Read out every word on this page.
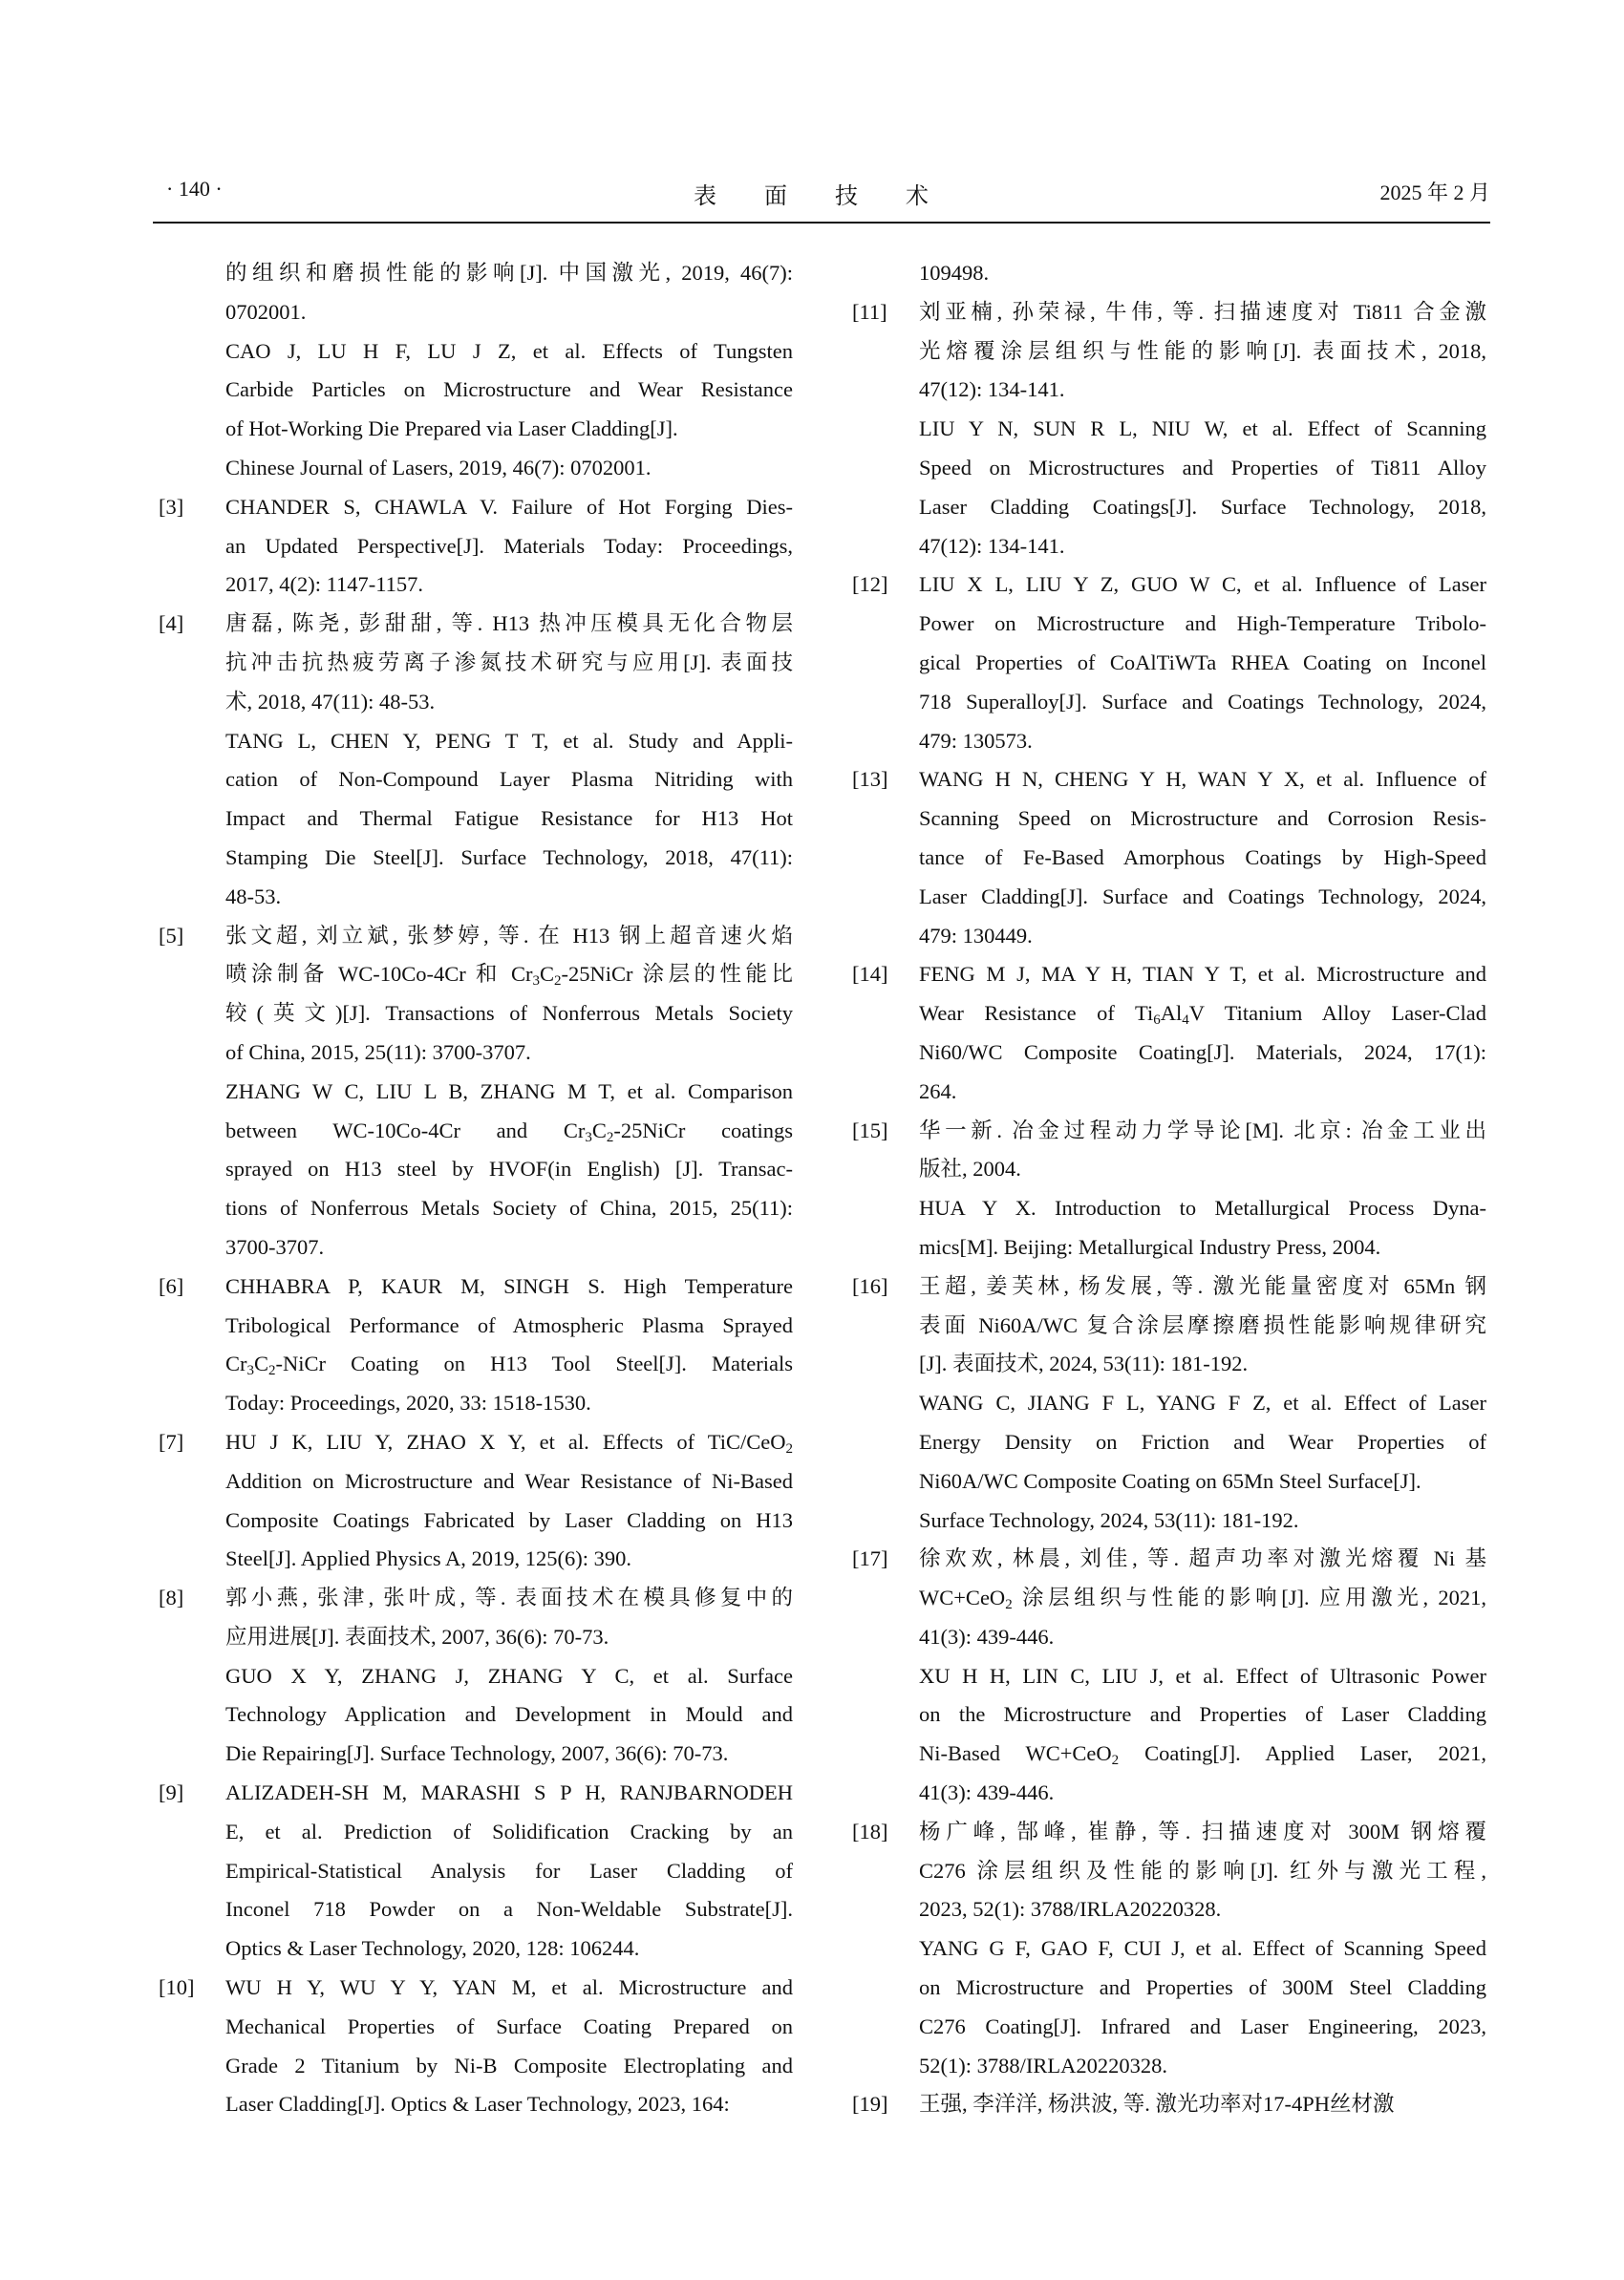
· 140 ·	表 面 技 术	2025 年 2 月
的组织和磨损性能的影响[J]. 中国激光, 2019, 46(7):
0702001.
CAO J, LU H F, LU J Z, et al. Effects of Tungsten
Carbide Particles on Microstructure and Wear Resistance
of Hot-Working Die Prepared via Laser Cladding[J].
Chinese Journal of Lasers, 2019, 46(7): 0702001.
[3] CHANDER S, CHAWLA V. Failure of Hot Forging Dies-
an Updated Perspective[J]. Materials Today: Proceedings,
2017, 4(2): 1147-1157.
[4] 唐磊, 陈尧, 彭甜甜, 等. H13 热冲压模具无化合物层
抗冲击抗热疲劳离子渗氮技术研究与应用[J]. 表面技
术, 2018, 47(11): 48-53.
TANG L, CHEN Y, PENG T T, et al. Study and Appli-
cation of Non-Compound Layer Plasma Nitriding with
Impact and Thermal Fatigue Resistance for H13 Hot
Stamping Die Steel[J]. Surface Technology, 2018, 47(11):
48-53.
[5] 张文超, 刘立斌, 张梦婷, 等. 在 H13 钢上超音速火焰
喷涂制备 WC-10Co-4Cr 和 $Cr_3C_2-25NiCr$ 涂层的性能比
较(英文)[J]. Transactions of Nonferrous Metals Society
of China, 2015, 25(11): 3700-3707.
ZHANG W C, LIU L B, ZHANG M T, et al. Comparison
between WC-10Co-4Cr and $Cr_3C_2-25NiCr$ coatings
sprayed on H13 steel by HVOF(in English) [J]. Transac-
tions of Nonferrous Metals Society of China, 2015, 25(11):
3700-3707.
[6] CHHABRA P, KAUR M, SINGH S. High Temperature
Tribological Performance of Atmospheric Plasma Sprayed
$Cr_3C_2$-NiCr Coating on H13 Tool Steel[J]. Materials
Today: Proceedings, 2020, 33: 1518-1530.
[7] HU J K, LIU Y, ZHAO X Y, et al. Effects of TiC/CeO$_2$
Addition on Microstructure and Wear Resistance of Ni-Based
Composite Coatings Fabricated by Laser Cladding on H13
Steel[J]. Applied Physics A, 2019, 125(6): 390.
[8] 郭小燕, 张津, 张叶成, 等. 表面技术在模具修复中的
应用进展[J]. 表面技术, 2007, 36(6): 70-73.
GUO X Y, ZHANG J, ZHANG Y C, et al. Surface
Technology Application and Development in Mould and
Die Repairing[J]. Surface Technology, 2007, 36(6): 70-73.
[9] ALIZADEH-SH M, MARASHI S P H, RANJBARNODEH
E, et al. Prediction of Solidification Cracking by an
Empirical-Statistical Analysis for Laser Cladding of
Inconel 718 Powder on a Non-Weldable Substrate[J].
Optics & Laser Technology, 2020, 128: 106244.
[10] WU H Y, WU Y Y, YAN M, et al. Microstructure and
Mechanical Properties of Surface Coating Prepared on
Grade 2 Titanium by Ni-B Composite Electroplating and
Laser Cladding[J]. Optics & Laser Technology, 2023, 164:
109498.
[11] 刘亚楠, 孙荣禄, 牛伟, 等. 扫描速度对 Ti811 合金激
光熔覆涂层组织与性能的影响[J]. 表面技术, 2018,
47(12): 134-141.
LIU Y N, SUN R L, NIU W, et al. Effect of Scanning
Speed on Microstructures and Properties of Ti811 Alloy
Laser Cladding Coatings[J]. Surface Technology, 2018,
47(12): 134-141.
[12] LIU X L, LIU Y Z, GUO W C, et al. Influence of Laser
Power on Microstructure and High-Temperature Tribolo-
gical Properties of CoAlTiWTa RHEA Coating on Inconel
718 Superalloy[J]. Surface and Coatings Technology, 2024,
479: 130573.
[13] WANG H N, CHENG Y H, WAN Y X, et al. Influence of
Scanning Speed on Microstructure and Corrosion Resis-
tance of Fe-Based Amorphous Coatings by High-Speed
Laser Cladding[J]. Surface and Coatings Technology, 2024,
479: 130449.
[14] FENG M J, MA Y H, TIAN Y T, et al. Microstructure and
Wear Resistance of $Ti_6Al_4V$ Titanium Alloy Laser-Clad
Ni60/WC Composite Coating[J]. Materials, 2024, 17(1):
264.
[15] 华一新. 冶金过程动力学导论[M]. 北京: 冶金工业出
版社, 2004.
HUA Y X. Introduction to Metallurgical Process Dyna-
mics[M]. Beijing: Metallurgical Industry Press, 2004.
[16] 王超, 姜芙林, 杨发展, 等. 激光能量密度对 65Mn 钢
表面 Ni60A/WC 复合涂层摩擦磨损性能影响规律研究
[J]. 表面技术, 2024, 53(11): 181-192.
WANG C, JIANG F L, YANG F Z, et al. Effect of Laser
Energy Density on Friction and Wear Properties of
Ni60A/WC Composite Coating on 65Mn Steel Surface[J].
Surface Technology, 2024, 53(11): 181-192.
[17] 徐欢欢, 林晨, 刘佳, 等. 超声功率对激光熔覆 Ni 基
WC+CeO$_2$ 涂层组织与性能的影响[J]. 应用激光, 2021,
41(3): 439-446.
XU H H, LIN C, LIU J, et al. Effect of Ultrasonic Power
on the Microstructure and Properties of Laser Cladding
Ni-Based WC+CeO$_2$ Coating[J]. Applied Laser, 2021,
41(3): 439-446.
[18] 杨广峰, 郜峰, 崔静, 等. 扫描速度对 300M 钢熔覆
C276 涂层组织及性能的影响[J]. 红外与激光工程,
2023, 52(1): 3788/IRLA20220328.
YANG G F, GAO F, CUI J, et al. Effect of Scanning Speed
on Microstructure and Properties of 300M Steel Cladding
C276 Coating[J]. Infrared and Laser Engineering, 2023,
52(1): 3788/IRLA20220328.
[19] 王强, 李洋洋, 杨洪波, 等. 激光功率对17-4PH丝材激
